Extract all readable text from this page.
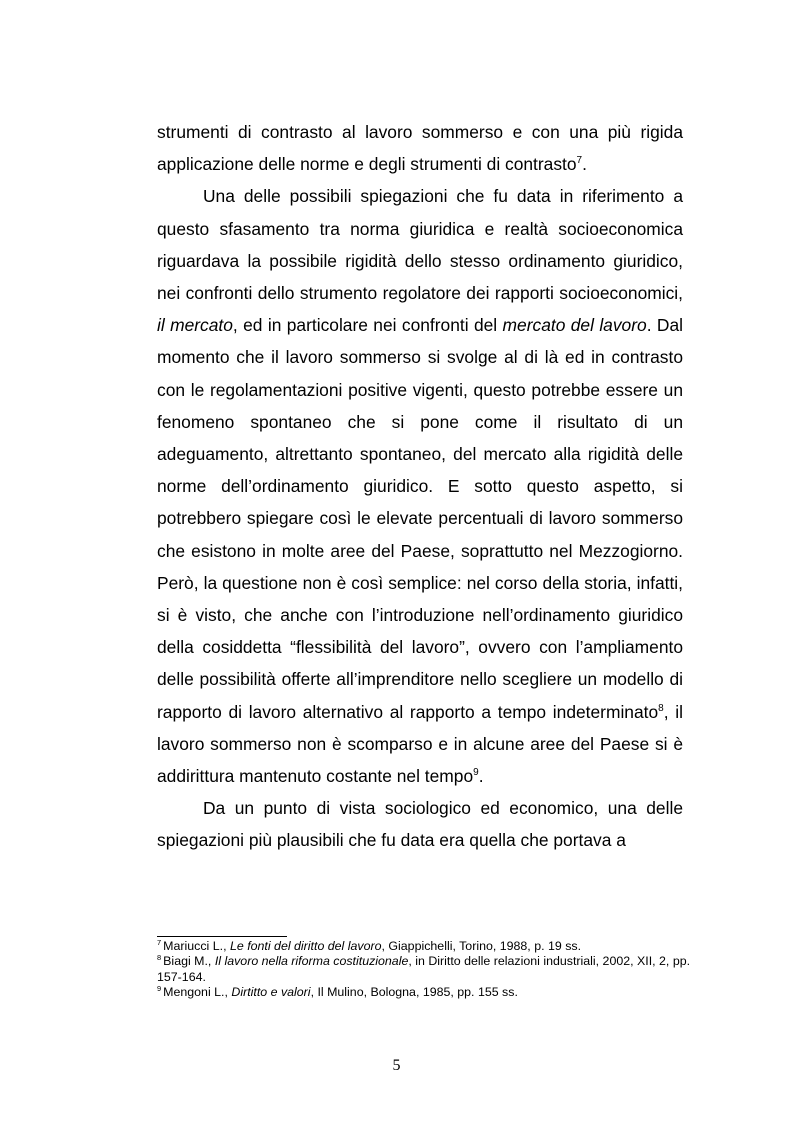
strumenti di contrasto al lavoro sommerso e con una più rigida applicazione delle norme e degli strumenti di contrasto$^7$.

Una delle possibili spiegazioni che fu data in riferimento a questo sfasamento tra norma giuridica e realtà socioeconomica riguardava la possibile rigidità dello stesso ordinamento giuridico, nei confronti dello strumento regolatore dei rapporti socioeconomici, il mercato, ed in particolare nei confronti del mercato del lavoro. Dal momento che il lavoro sommerso si svolge al di là ed in contrasto con le regolamentazioni positive vigenti, questo potrebbe essere un fenomeno spontaneo che si pone come il risultato di un adeguamento, altrettanto spontaneo, del mercato alla rigidità delle norme dell’ordinamento giuridico. E sotto questo aspetto, si potrebbero spiegare così le elevate percentuali di lavoro sommerso che esistono in molte aree del Paese, soprattutto nel Mezzogiorno. Però, la questione non è così semplice: nel corso della storia, infatti, si è visto, che anche con l’introduzione nell’ordinamento giuridico della cosiddetta “flessibilità del lavoro”, ovvero con l’ampliamento delle possibilità offerte all’imprenditore nello scegliere un modello di rapporto di lavoro alternativo al rapporto a tempo indeterminato$^8$, il lavoro sommerso non è scomparso e in alcune aree del Paese si è addirittura mantenuto costante nel tempo$^9$.

Da un punto di vista sociologico ed economico, una delle spiegazioni più plausibili che fu data era quella che portava a

$^7$ Mariucci L., Le fonti del diritto del lavoro, Giappichelli, Torino, 1988, p. 19 ss.

$^8$ Biagi M., Il lavoro nella riforma costituzionale, in Diritto delle relazioni industriali, 2002, XII, 2, pp. 157-164.

$^9$ Mengoni L., Dirtitto e valori, Il Mulino, Bologna, 1985, pp. 155 ss.

5
